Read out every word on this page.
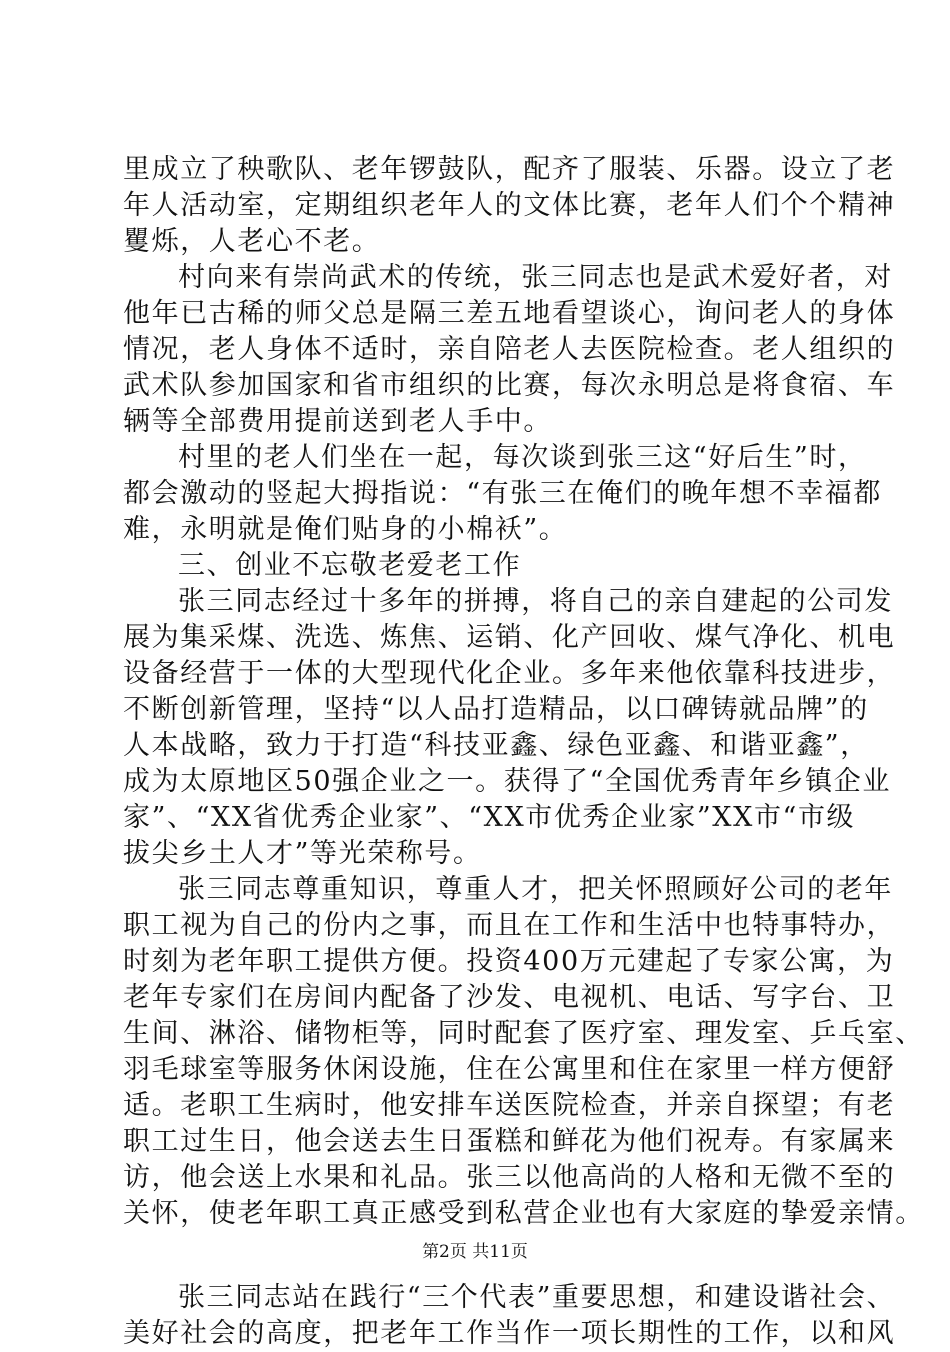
里成立了秧歌队、老年锣鼓队，配齐了服装、乐器。设立了老
年人活动室，定期组织老年人的文体比赛，老年人们个个精神
矍烁，人老心不老。
村向来有崇尚武术的传统，张三同志也是武术爱好者，对
他年已古稀的师父总是隔三差五地看望谈心，询问老人的身体
情况，老人身体不适时，亲自陪老人去医院检查。老人组织的
武术队参加国家和省市组织的比赛，每次永明总是将食宿、车
辆等全部费用提前送到老人手中。
村里的老人们坐在一起，每次谈到张三这“好后生”时，
都会激动的竖起大拇指说：“有张三在俺们的晚年想不幸福都
难，永明就是俺们贴身的小棉袄”。
三、创业不忘敬老爱老工作
张三同志经过十多年的拼搏，将自己的亲自建起的公司发
展为集采煤、洗选、炼焦、运销、化产回收、煤气净化、机电
设备经营于一体的大型现代化企业。多年来他依靠科技进步，
不断创新管理，坚持“以人品打造精品，以口碑铸就品牌”的
人本战略，致力于打造“科技亚鑫、绿色亚鑫、和谐亚鑫”，
成为太原地区50强企业之一。获得了“全国优秀青年乡镇企业
家”、“XX省优秀企业家”、“XX市优秀企业家”XX市“市级
拔尖乡土人才”等光荣称号。
张三同志尊重知识，尊重人才，把关怀照顾好公司的老年
职工视为自己的份内之事，而且在工作和生活中也特事特办，
时刻为老年职工提供方便。投资400万元建起了专家公寓，为
老年专家们在房间内配备了沙发、电视机、电话、写字台、卫
生间、淋浴、储物柜等，同时配套了医疗室、理发室、乒乓室、
羽毛球室等服务休闲设施，住在公寓里和住在家里一样方便舒
适。老职工生病时，他安排车送医院检查，并亲自探望；有老
职工过生日，他会送去生日蛋糕和鲜花为他们祝寿。有家属来
访，他会送上水果和礼品。张三以他高尚的人格和无微不至的
关怀，使老年职工真正感受到私营企业也有大家庭的挚爱亲情。
张三同志站在践行“三个代表”重要思想，和建设谐社会、
美好社会的高度，把老年工作当作一项长期性的工作，以和风
第2页 共11页
